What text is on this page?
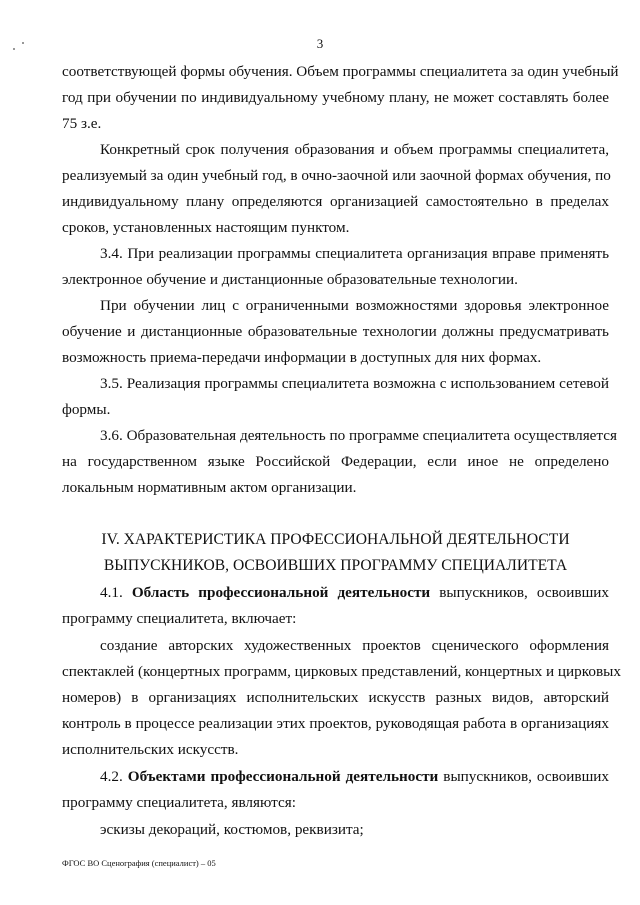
3
соответствующей формы обучения. Объем программы специалитета за один учебный
год при обучении по индивидуальному учебному плану, не может составлять более
75 з.е.
Конкретный срок получения образования и объем программы специалитета,
реализуемый за один учебный год, в очно-заочной или заочной формах обучения, по
индивидуальному плану определяются организацией самостоятельно в пределах
сроков, установленных настоящим пунктом.
3.4. При реализации программы специалитета организация вправе применять
электронное обучение и дистанционные образовательные технологии.
При обучении лиц с ограниченными возможностями здоровья электронное
обучение и дистанционные образовательные технологии должны предусматривать
возможность приема-передачи информации в доступных для них формах.
3.5. Реализация программы специалитета возможна с использованием сетевой
формы.
3.6. Образовательная деятельность по программе специалитета осуществляется
на государственном языке Российской Федерации, если иное не определено
локальным нормативным актом организации.
IV. ХАРАКТЕРИСТИКА ПРОФЕССИОНАЛЬНОЙ ДЕЯТЕЛЬНОСТИ
ВЫПУСКНИКОВ, ОСВОИВШИХ ПРОГРАММУ СПЕЦИАЛИТЕТА
4.1. Область профессиональной деятельности выпускников, освоивших
программу специалитета, включает:
создание авторских художественных проектов сценического оформления
спектаклей (концертных программ, цирковых представлений, концертных и цирковых
номеров) в организациях исполнительских искусств разных видов, авторский
контроль в процессе реализации этих проектов, руководящая работа в организациях
исполнительских искусств.
4.2. Объектами профессиональной деятельности выпускников, освоивших
программу специалитета, являются:
эскизы декораций, костюмов, реквизита;
ФГОС ВО Сценография (специалист) – 05
